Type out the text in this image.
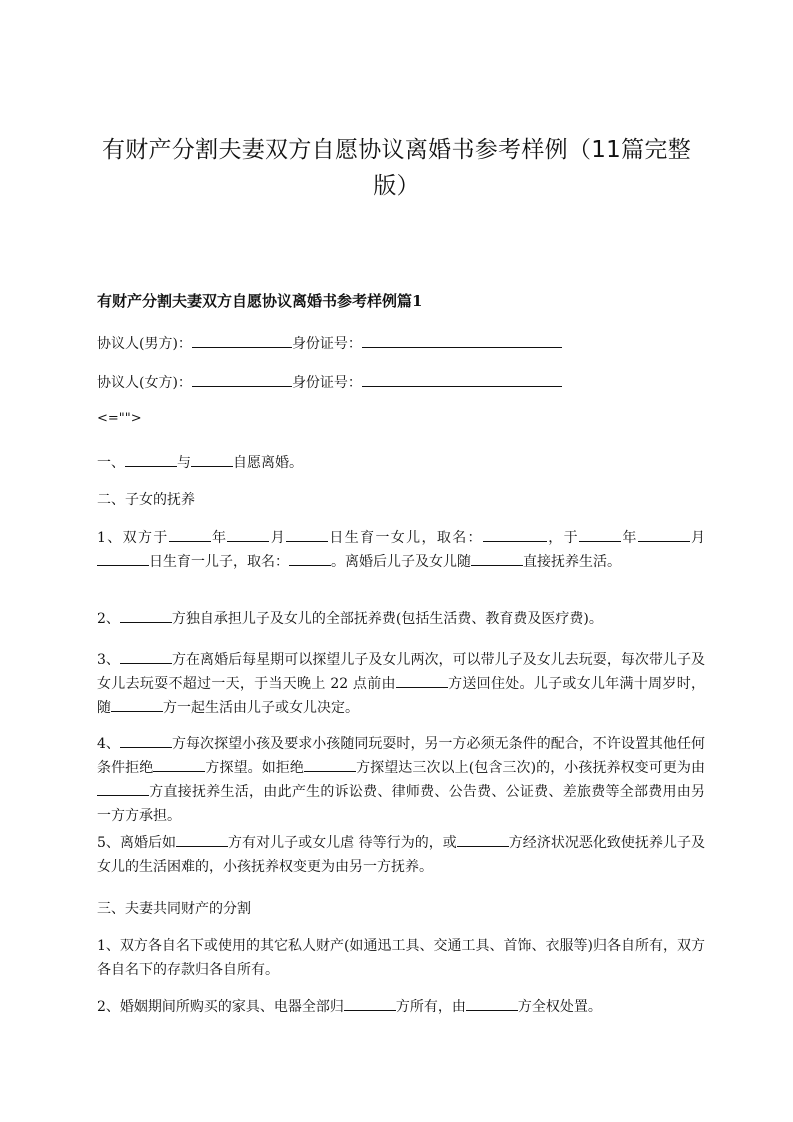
有财产分割夫妻双方自愿协议离婚书参考样例（11篇完整版）
有财产分割夫妻双方自愿协议离婚书参考样例篇1
协议人(男方)：	身份证号：
协议人(女方)：	身份证号：
<="">
一、	与	自愿离婚。
二、子女的抚养
1、双方于	年	月	日生育一女儿，取名：	，于	年	月日生育一儿子，取名：	。离婚后儿子及女儿随	直接抚养生活。
2、	方独自承担儿子及女儿的全部抚养费(包括生活费、教育费及医疗费)。
3、	方在离婚后每星期可以探望儿子及女儿两次，可以带儿子及女儿去玩耍，每次带儿子及女儿去玩耍不超过一天，于当天晚上 22 点前由	方送回住处。儿子或女儿年满十周岁时，随	方一起生活由儿子或女儿决定。
4、	方每次探望小孩及要求小孩随同玩耍时，另一方必须无条件的配合，不许设置其他任何条件拒绝	方探望。如拒绝	方探望达三次以上(包含三次)的，小孩抚养权变可更为由方直接抚养生活，由此产生的诉讼费、律师费、公告费、公证费、差旅费等全部费用由另一方方承担。
5、离婚后如	方有对儿子或女儿虐 待等行为的，或	方经济状况恶化致使抚养儿子及女儿的生活困难的，小孩抚养权变更为由另一方抚养。
三、夫妻共同财产的分割
1、双方各自名下或使用的其它私人财产(如通迅工具、交通工具、首饰、衣服等)归各自所有，双方各自名下的存款归各自所有。
2、婚姻期间所购买的家具、电器全部归	方所有，由	方全权处置。
